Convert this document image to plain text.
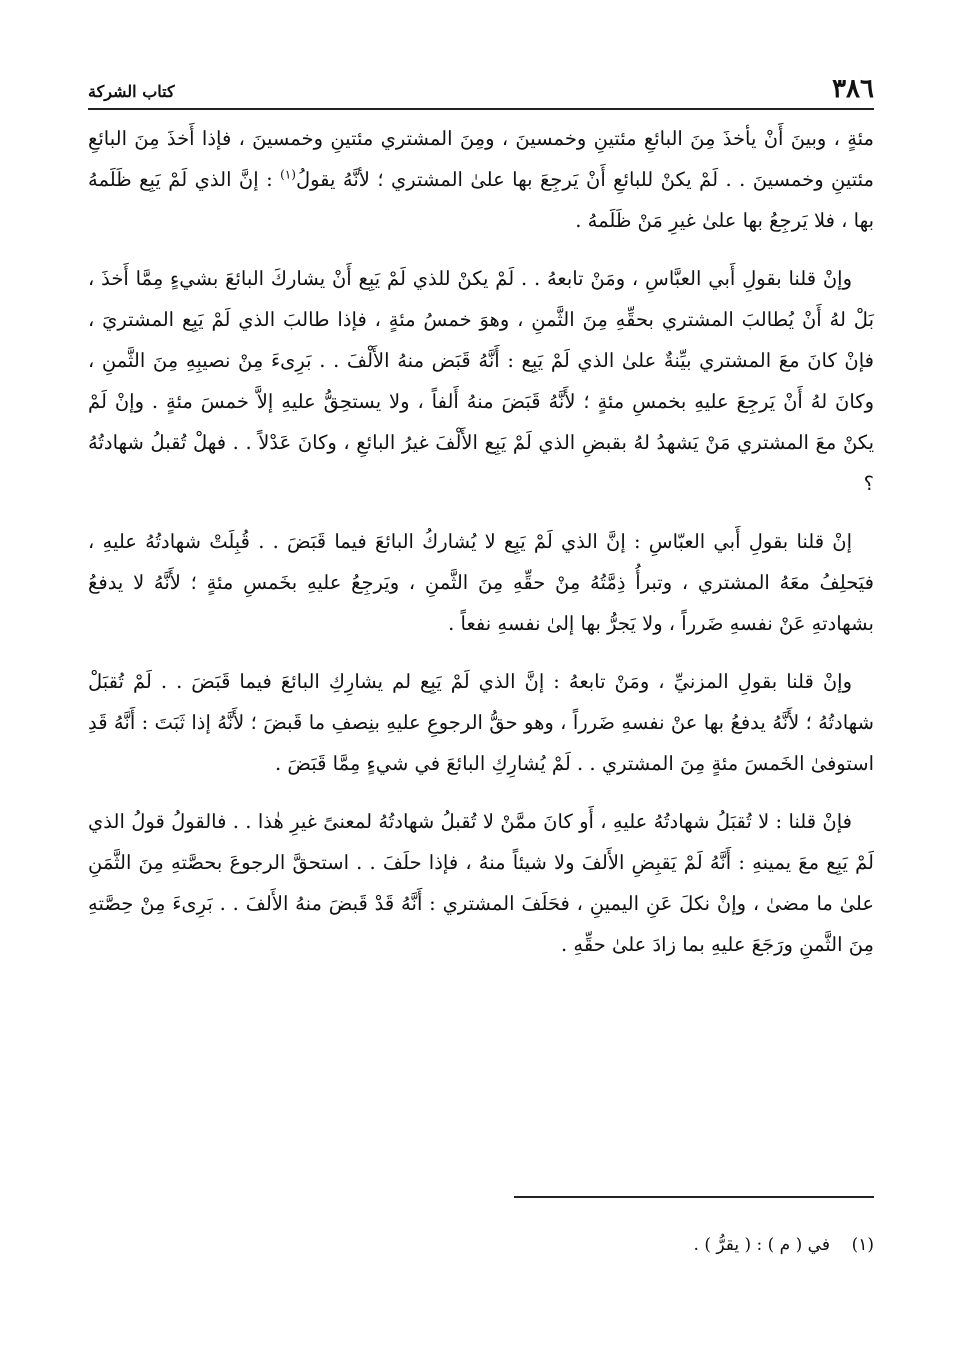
٣٨٦
كتاب الشركة

مئةٍ ، وبينَ أَنْ يأخذَ مِنَ البائعِ مئتينِ وخمسينَ ، ومِنَ المشتري مئتينِ وخمسينَ ، فإذا أَخذَ مِنَ البائعِ مئتينِ وخمسينَ . . لَمْ يكنْ للبائعِ أَنْ يَرجِعَ بها علىٰ المشتري ؛ لأنَّهُ يقولُ$^{(١)}$ : إنَّ الذي لَمْ يَبِع ظَلَمهُ بها ، فلا يَرجِعُ بها علىٰ غيرِ مَنْ ظَلَمهُ .

وإنْ قلنا بقولِ أَبي العبَّاسِ ، ومَنْ تابعهُ . . لَمْ يكنْ للذي لَمْ يَبِع أَنْ يشاركَ البائعَ بشيءٍ مِمَّا أَخذَ ، بَلْ لهُ أَنْ يُطالبَ المشتري بحقِّهِ مِنَ الثَّمنِ ، وهوَ خمسُ مئةٍ ، فإذا طالبَ الذي لَمْ يَبِع المشتريَ ، فإنْ كانَ معَ المشتري بيِّنةٌ علىٰ الذي لَمْ يَبِع : أَنَّهُ قَبَض منهُ الأَلْفَ . . بَرِىءَ مِنْ نصيبِهِ مِنَ الثَّمنِ ، وكانَ لهُ أَنْ يَرجِعَ عليهِ بخمسِ مئةٍ ؛ لأَنَّهُ قَبَضَ منهُ أَلفاً ، ولا يستحِقُّ عليهِ إلاَّ خمسَ مئةٍ . وإنْ لَمْ يكنْ معَ المشتري مَنْ يَشهدُ لهُ بقبضِ الذي لَمْ يَبِع الأَلْفَ غيرُ البائعِ ، وكانَ عَدْلاً . . فهلْ تُقبلُ شهادتُهُ ؟

إنْ قلنا بقولِ أَبي العبّاسِ : إنَّ الذي لَمْ يَبِع لا يُشاركُ البائعَ فيما قَبَضَ . . قُبِلَتْ شهادتُهُ عليهِ ، فيَحلِفُ معَهُ المشتري ، وتبرأُ ذِمَّتُهُ مِنْ حقِّهِ مِنَ الثَّمنِ ، ويَرجِعُ عليهِ بخَمسِ مئةٍ ؛ لأَنَّهُ لا يدفعُ بشهادتهِ عَنْ نفسهِ ضَرراً ، ولا يَجرُّ بها إلىٰ نفسهِ نفعاً .

وإنْ قلنا بقولِ المزنيِّ ، ومَنْ تابعهُ : إنَّ الذي لَمْ يَبِع لم يشارِكِ البائعَ فيما قَبَضَ . . لَمْ تُقبَلْ شهادتُهُ ؛ لأَنَّهُ يدفعُ بها عنْ نفسهِ ضَرراً ، وهو حقُّ الرجوعِ عليهِ بنِصفِ ما قَبضَ ؛ لأَنَّهُ إذا ثَبَتَ : أَنَّهُ قَدِ استوفىٰ الخَمسَ مئةٍ مِنَ المشتري . . لَمْ يُشارِكِ البائعَ في شيءٍ مِمَّا قَبَضَ .

فإنْ قلنا : لا تُقبَلُ شهادتُهُ عليهِ ، أَو كانَ ممَّنْ لا تُقبلُ شهادتُهُ لمعنىً غيرِ هٰذا . . فالقولُ قولُ الذي لَمْ يَبِع معَ يمينهِ : أَنَّهُ لَمْ يَقبِضِ الأَلفَ ولا شيئاً منهُ ، فإذا حلَفَ . . استحقَّ الرجوعَ بحصَّتهِ مِنَ الثَّمَنِ علىٰ ما مضىٰ ، وإنْ نكلَ عَنِ اليمينِ ، فحَلَفَ المشتري : أَنَّهُ قَدْ قَبضَ منهُ الأَلفَ . . بَرِىءَ مِنْ حِصَّتهِ مِنَ الثَّمنِ ورَجَعَ عليهِ بما زادَ علىٰ حقِّهِ .

(١)    في ( م ) : ( يقرُّ ) .
